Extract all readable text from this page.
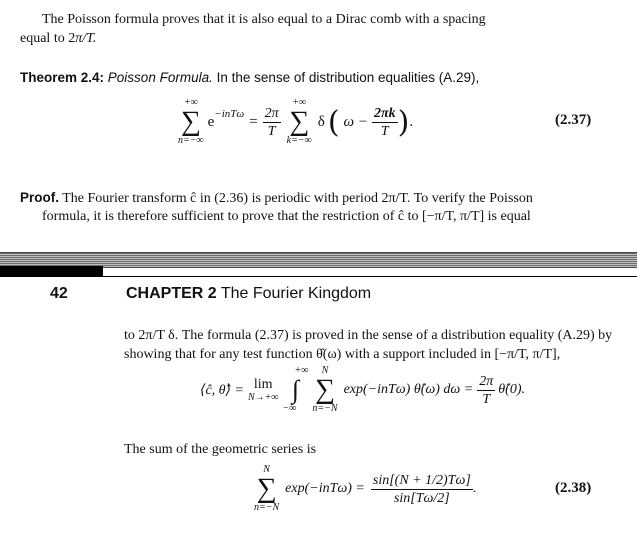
The Poisson formula proves that it is also equal to a Dirac comb with a spacing
equal to 2π/T.
Theorem 2.4: Poisson Formula. In the sense of distribution equalities (A.29),
+∞
∑
n=−∞
$e^{-inT\omega} = \frac{2\pi}{T}$
+∞
∑
k=−∞
δ ( $\omega - \frac{2\pi k}{T}$ ) .	(2.37)
Proof. The Fourier transform ĉ in (2.36) is periodic with period 2π/T. To verify the Poisson
formula, it is therefore sufficient to prove that the restriction of ĉ to [−π/T, π/T] is equal
42	CHAPTER 2 The Fourier Kingdom
to 2π/T δ. The formula (2.37) is proved in the sense of a distribution equality (A.29) by
showing that for any test function θ̂(ω) with a support included in [−π/T, π/T],
⟨ĉ, θ̂⟩ = lim
N→+∞
+∞
∫
−∞
N
∑
n=−N
exp(−inTω) θ̂(ω) $d\omega = \frac{2\pi}{T}$ θ̂(0).
The sum of the geometric series is
N
∑
n=−N
$\exp(-inT\omega) = \frac{\sin[(N + 1/2)T\omega]}{\sin[T\omega/2]}$ .	(2.38)
